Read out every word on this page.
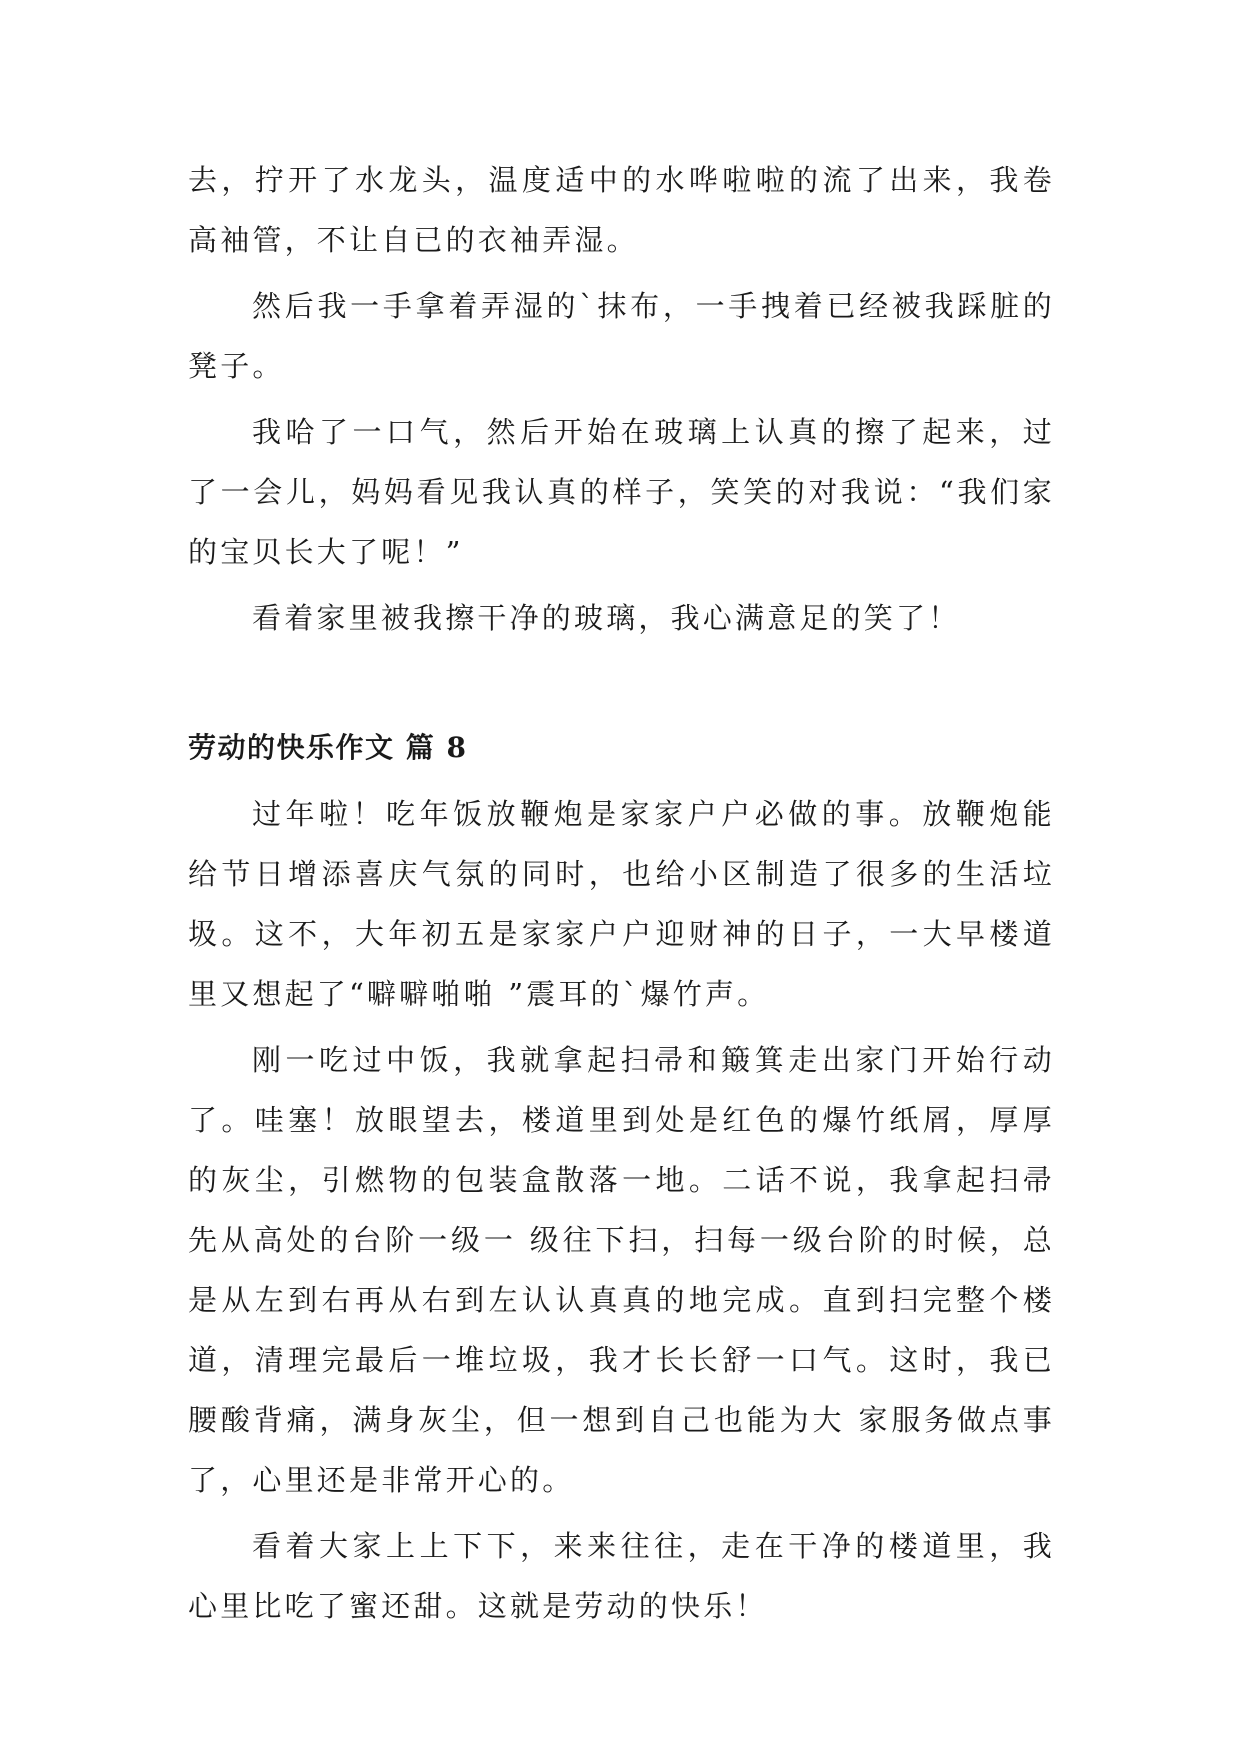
去，拧开了水龙头，温度适中的水哗啦啦的流了出来，我卷高袖管，不让自已的衣袖弄湿。

然后我一手拿着弄湿的`抹布，一手拽着已经被我踩脏的凳子。

我哈了一口气，然后开始在玻璃上认真的擦了起来，过了一会儿，妈妈看见我认真的样子，笑笑的对我说：“我们家的宝贝长大了呢！”

看着家里被我擦干净的玻璃，我心满意足的笑了！

劳动的快乐作文 篇 8

过年啦！吃年饭放鞭炮是家家户户必做的事。放鞭炮能给节日增添喜庆气氛的同时，也给小区制造了很多的生活垃圾。这不，大年初五是家家户户迎财神的日子，一大早楼道里又想起了“噼噼啪啪 ”震耳的`爆竹声。

刚一吃过中饭，我就拿起扫帚和簸箕走出家门开始行动了。哇塞！放眼望去，楼道里到处是红色的爆竹纸屑，厚厚的灰尘，引燃物的包装盒散落一地。二话不说，我拿起扫帚先从高处的台阶一级一 级往下扫，扫每一级台阶的时候，总是从左到右再从右到左认认真真的地完成。直到扫完整个楼道，清理完最后一堆垃圾，我才长长舒一口气。这时，我已腰酸背痛，满身灰尘，但一想到自己也能为大 家服务做点事了，心里还是非常开心的。

看着大家上上下下，来来往往，走在干净的楼道里，我心里比吃了蜜还甜。这就是劳动的快乐！
